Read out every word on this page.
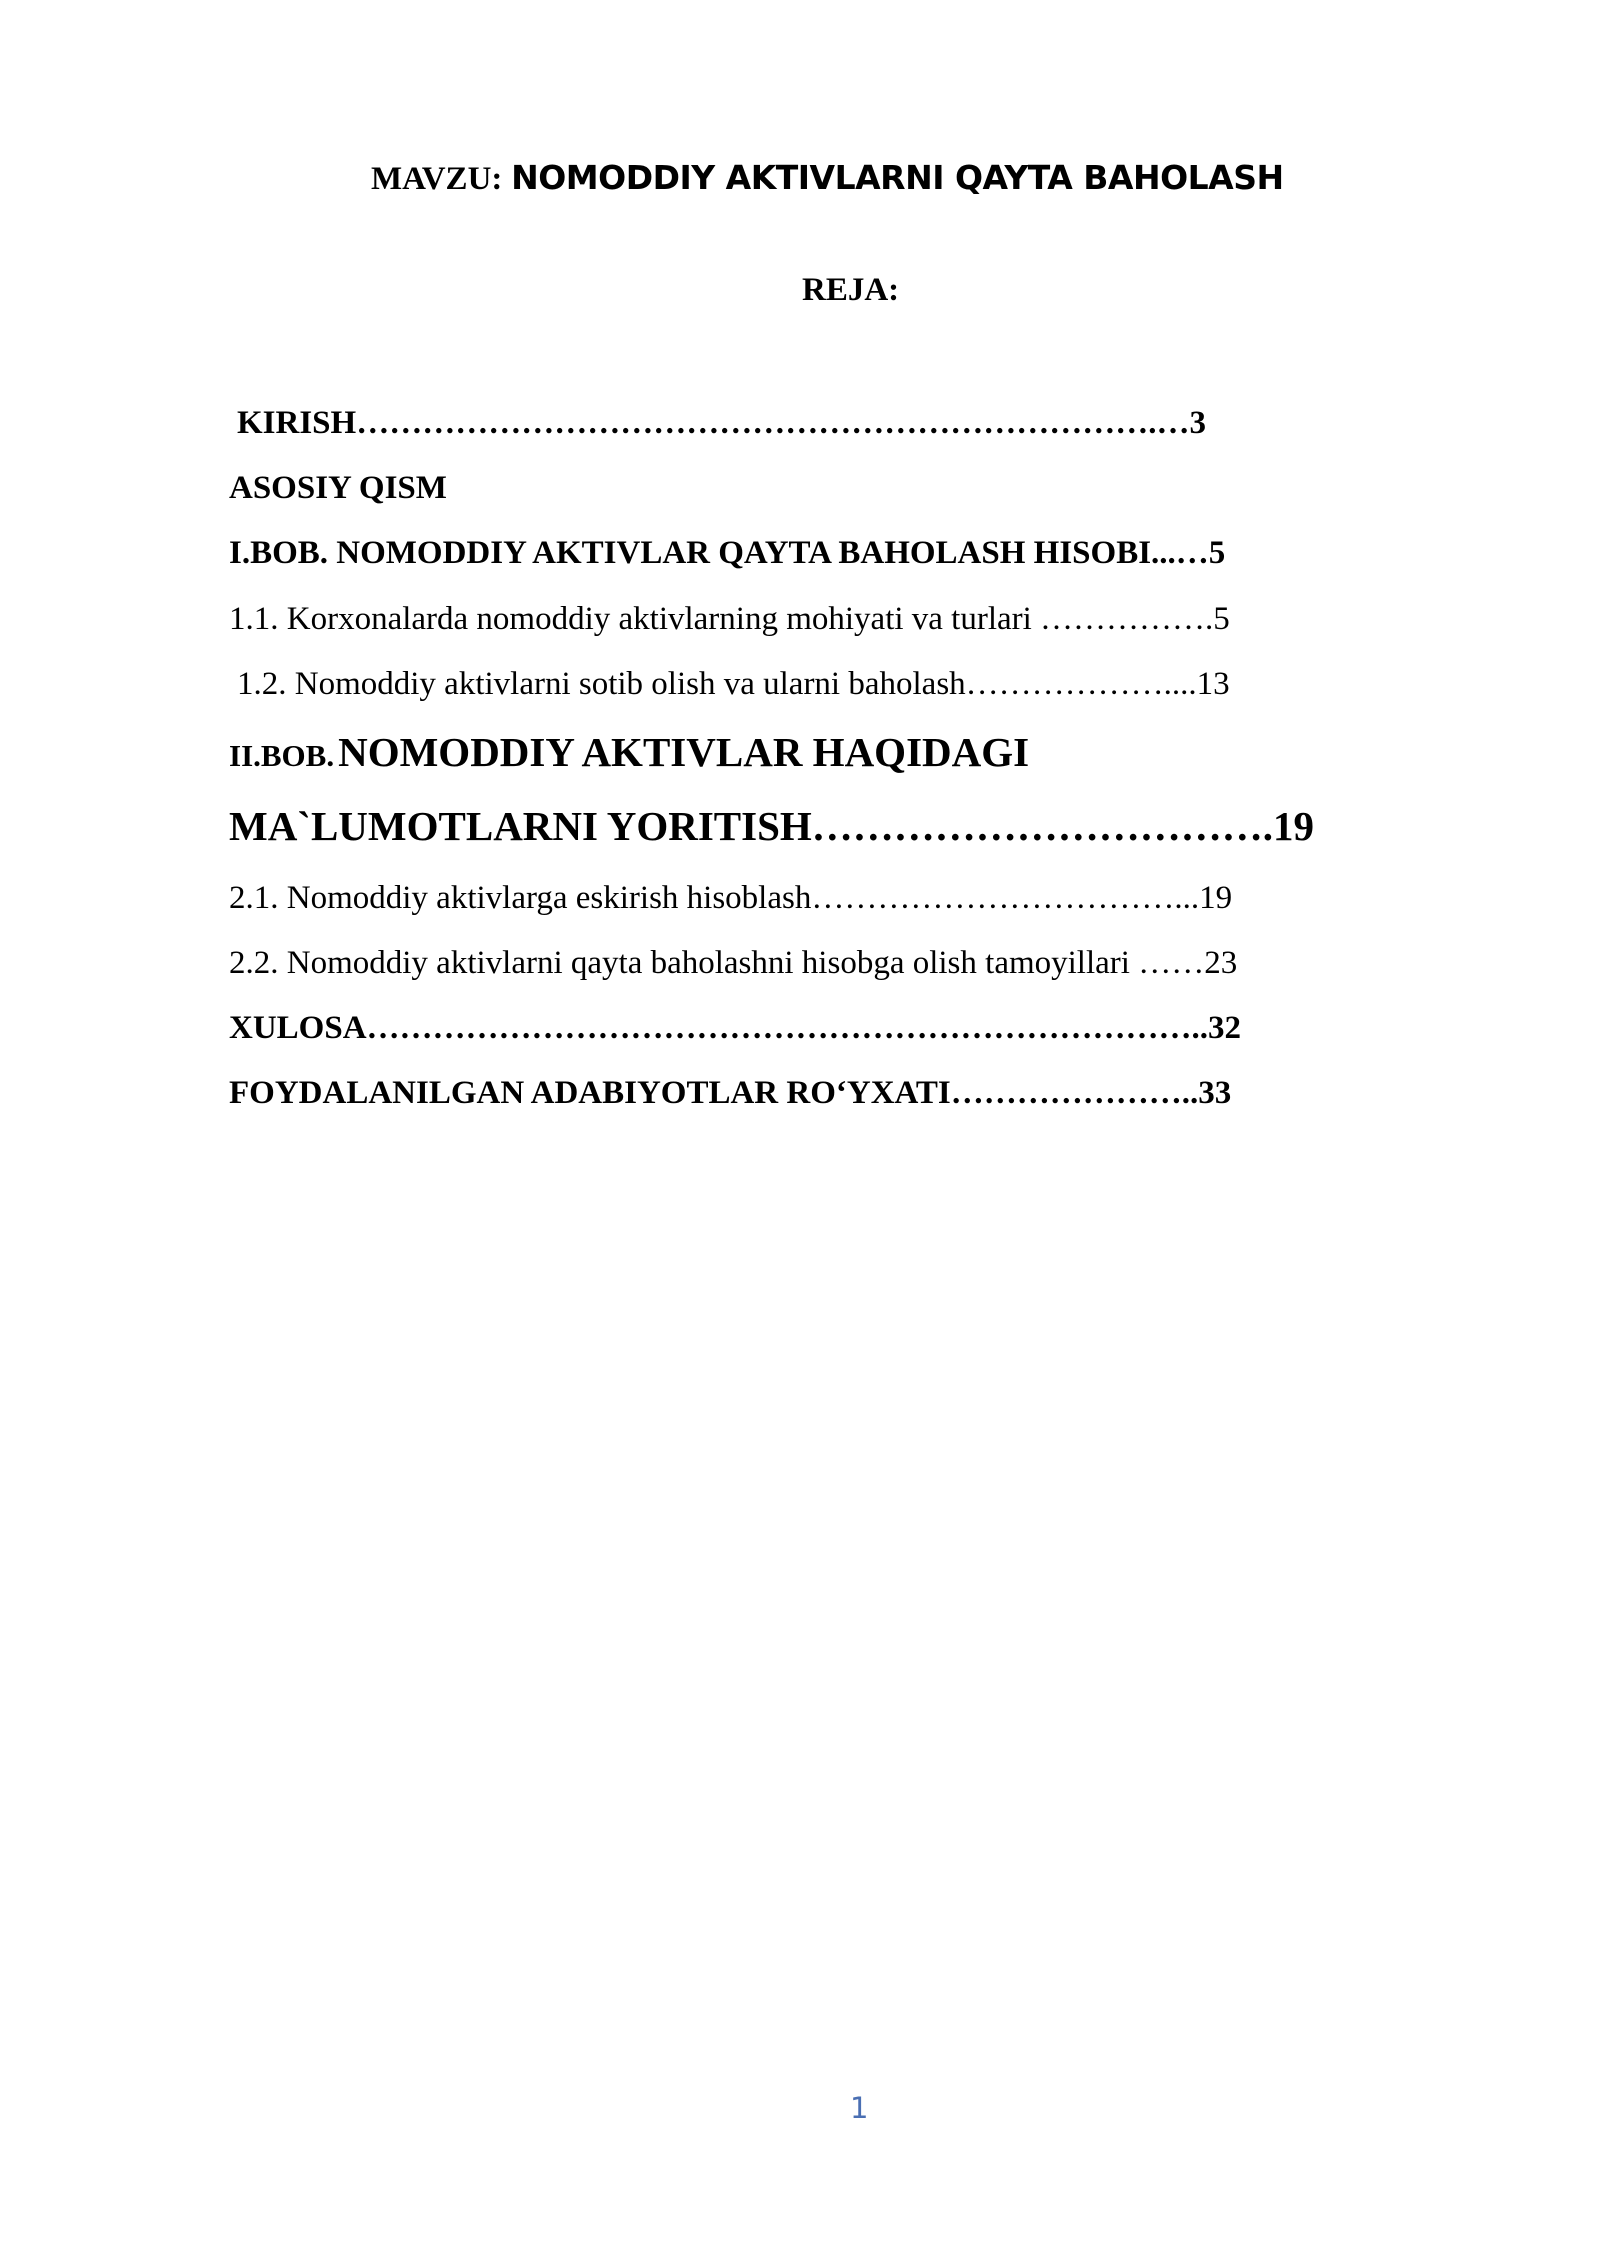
MAVZU: NOMODDIY AKTIVLARNI QAYTA BAHOLASH
REJA:
KIRISH……………………………………………………………….…3
ASOSIY QISM
I.BOB. NOMODDIY AKTIVLAR QAYTA BAHOLASH HISOBI...…5
1.1. Korxonalarda nomoddiy aktivlarning mohiyati va turlari …………….5
1.2. Nomoddiy aktivlarni sotib olish va ularni baholash………………....13
II.BOB. NOMODDIY AKTIVLAR HAQIDAGI
MA`LUMOTLARNI YORITISH…………………………….19
2.1. Nomoddiy aktivlarga eskirish hisoblash……………………………...19
2.2. Nomoddiy aktivlarni qayta baholashni hisobga olish tamoyillari ……23
XULOSA…………………………………………………………………..32
FOYDALANILGAN ADABIYOTLAR RO‘YXATI…………………..33
1
